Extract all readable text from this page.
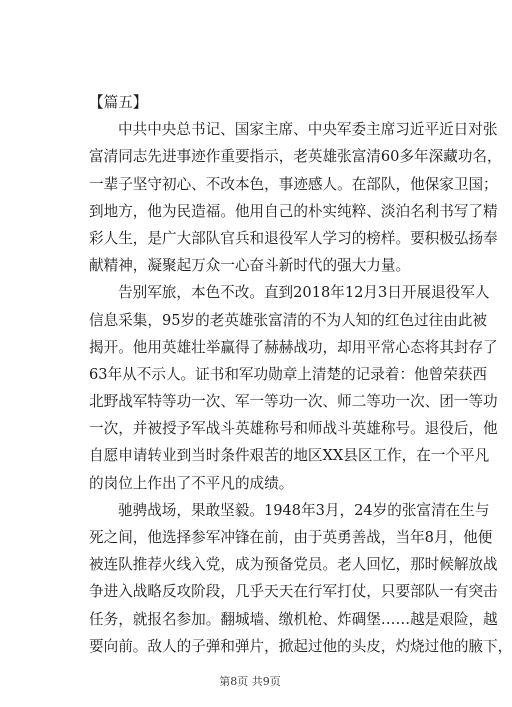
【篇五】
中共中央总书记、国家主席、中央军委主席习近平近日对张
富清同志先进事迹作重要指示，老英雄张富清60多年深藏功名，
一辈子坚守初心、不改本色，事迹感人。在部队，他保家卫国；
到地方，他为民造福。他用自己的朴实纯粹、淡泊名利书写了精
彩人生，是广大部队官兵和退役军人学习的榜样。要积极弘扬奉
献精神，凝聚起万众一心奋斗新时代的强大力量。
告别军旅，本色不改。直到2018年12月3日开展退役军人
信息采集，95岁的老英雄张富清的不为人知的红色过往由此被
揭开。他用英雄壮举赢得了赫赫战功，却用平常心态将其封存了
63年从不示人。证书和军功勋章上清楚的记录着：他曾荣获西
北野战军特等功一次、军一等功一次、师二等功一次、团一等功
一次，并被授予军战斗英雄称号和师战斗英雄称号。退役后，他
自愿申请转业到当时条件艰苦的地区XX县区工作，在一个平凡
的岗位上作出了不平凡的成绩。
驰骋战场，果敢坚毅。1948年3月，24岁的张富清在生与
死之间，他选择参军冲锋在前，由于英勇善战，当年8月，他便
被连队推荐火线入党，成为预备党员。老人回忆，那时候解放战
争进入战略反攻阶段，几乎天天在行军打仗，只要部队一有突击
任务，就报名参加。翻城墙、缴机枪、炸碉堡……越是艰险，越
要向前。敌人的子弹和弹片，掀起过他的头皮，灼烧过他的腋下，
第8页 共9页
